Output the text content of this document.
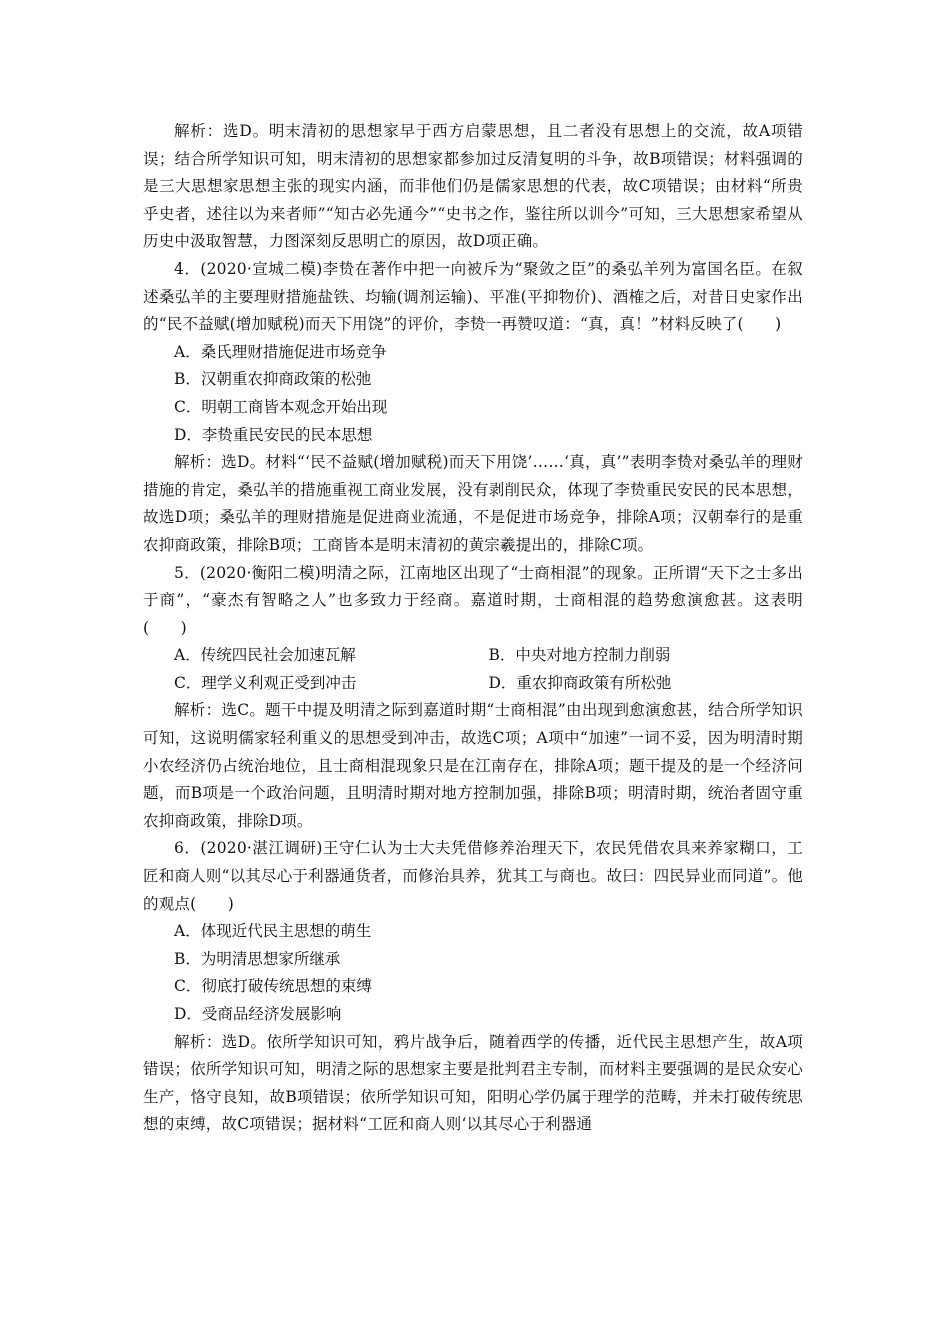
解析：选D。明末清初的思想家早于西方启蒙思想，且二者没有思想上的交流，故A项错误；结合所学知识可知，明末清初的思想家都参加过反清复明的斗争，故B项错误；材料强调的是三大思想家思想主张的现实内涵，而非他们仍是儒家思想的代表，故C项错误；由材料“所贵乎史者，述往以为来者师”“知古必先通今”“史书之作，鉴往所以训今”可知，三大思想家希望从历史中汲取智慧，力图深刻反思明亡的原因，故D项正确。

4．(2020·宣城二模)李贽在著作中把一向被斥为“聚敛之臣”的桑弘羊列为富国名臣。在叙述桑弘羊的主要理财措施盐铁、均输(调剂运输)、平准(平抑物价)、酒榷之后，对昔日史家作出的“民不益赋(增加赋税)而天下用饶”的评价，李贽一再赞叹道：“真，真！”材料反映了(　　)

A．桑氏理财措施促进市场竞争

B．汉朝重农抑商政策的松弛

C．明朝工商皆本观念开始出现

D．李贽重民安民的民本思想

解析：选D。材料“‘民不益赋(增加赋税)而天下用饶’……‘真，真’”表明李贽对桑弘羊的理财措施的肯定，桑弘羊的措施重视工商业发展，没有剥削民众，体现了李贽重民安民的民本思想，故选D项；桑弘羊的理财措施是促进商业流通，不是促进市场竞争，排除A项；汉朝奉行的是重农抑商政策，排除B项；工商皆本是明末清初的黄宗羲提出的，排除C项。

5．(2020·衡阳二模)明清之际，江南地区出现了“士商相混”的现象。正所谓“天下之士多出于商”，“豪杰有智略之人”也多致力于经商。嘉道时期，士商相混的趋势愈演愈甚。这表明(　　)

A．传统四民社会加速瓦解	B．中央对地方控制力削弱
C．理学义利观正受到冲击	D．重农抑商政策有所松弛

解析：选C。题干中提及明清之际到嘉道时期“士商相混”由出现到愈演愈甚，结合所学知识可知，这说明儒家轻利重义的思想受到冲击，故选C项；A项中“加速”一词不妥，因为明清时期小农经济仍占统治地位，且士商相混现象只是在江南存在，排除A项；题干提及的是一个经济问题，而B项是一个政治问题，且明清时期对地方控制加强，排除B项；明清时期，统治者固守重农抑商政策，排除D项。

6．(2020·湛江调研)王守仁认为士大夫凭借修养治理天下，农民凭借农具来养家糊口，工匠和商人则“以其尽心于利器通货者，而修治具养，犹其工与商也。故曰：四民异业而同道”。他的观点(　　)

A．体现近代民主思想的萌生

B．为明清思想家所继承

C．彻底打破传统思想的束缚

D．受商品经济发展影响

解析：选D。依所学知识可知，鸦片战争后，随着西学的传播，近代民主思想产生，故A项错误；依所学知识可知，明清之际的思想家主要是批判君主专制，而材料主要强调的是民众安心生产，恪守良知，故B项错误；依所学知识可知，阳明心学仍属于理学的范畴，并未打破传统思想的束缚，故C项错误；据材料“工匠和商人则‘以其尽心于利器通
